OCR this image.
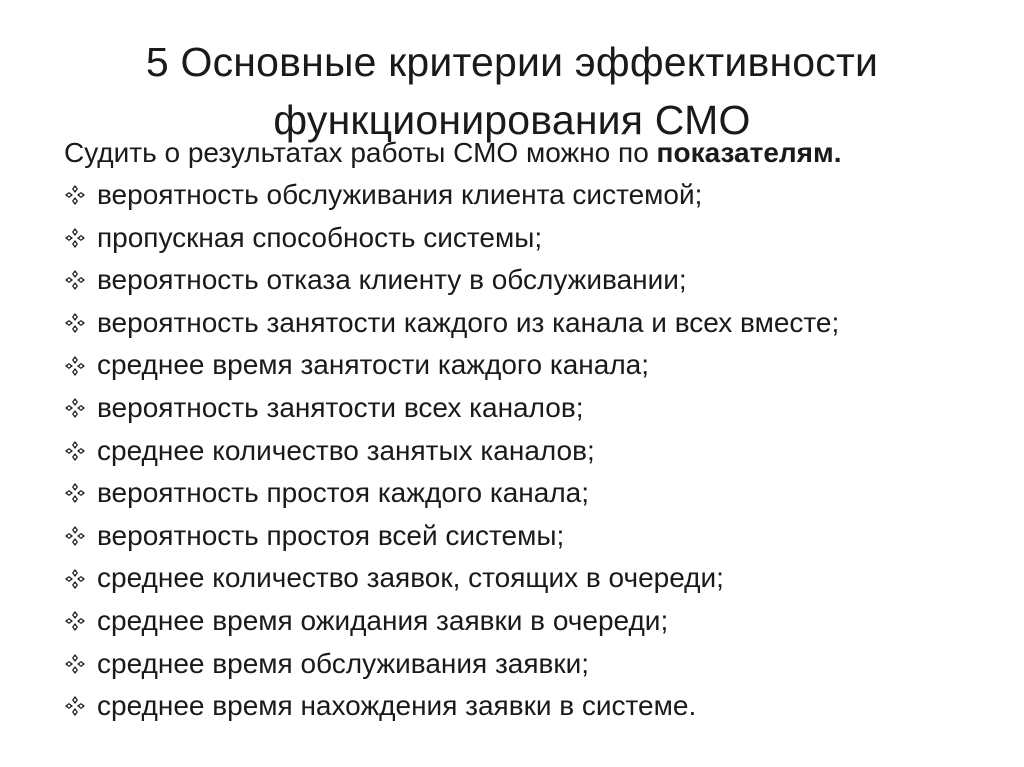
5 Основные критерии эффективности
функционирования СМО
Судить о результатах работы СМО можно по показателям.
вероятность обслуживания клиента системой;
пропускная способность системы;
вероятность отказа клиенту в обслуживании;
вероятность занятости каждого из канала и всех вместе;
среднее время занятости каждого канала;
вероятность занятости всех каналов;
среднее количество занятых каналов;
вероятность простоя каждого канала;
вероятность простоя всей системы;
среднее количество заявок, стоящих в очереди;
среднее время ожидания заявки в очереди;
среднее время обслуживания заявки;
среднее время нахождения заявки в системе.
